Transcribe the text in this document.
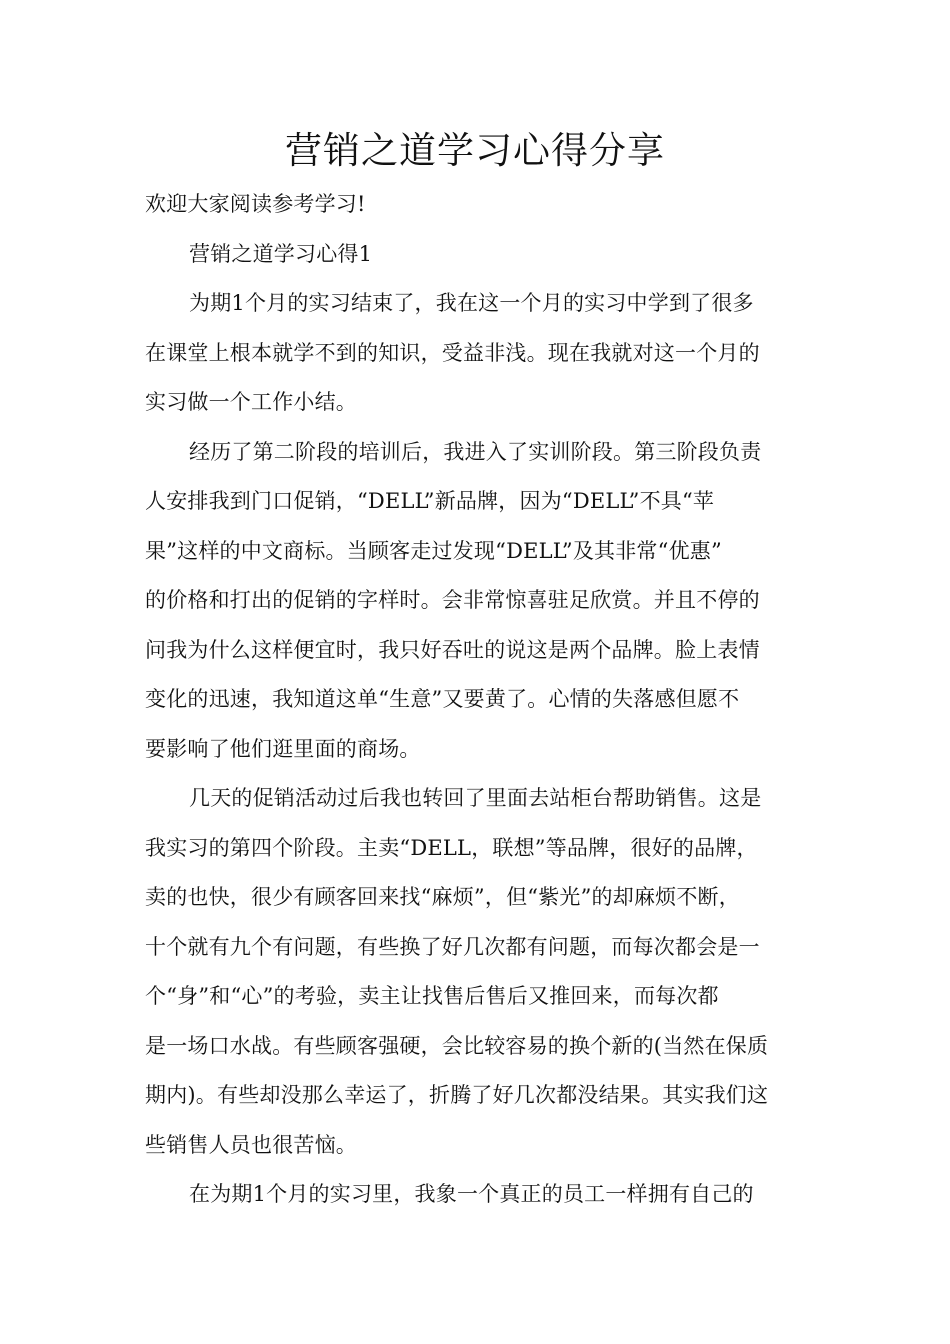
营销之道学习心得分享
欢迎大家阅读参考学习!
营销之道学习心得1
为期1个月的实习结束了，我在这一个月的实习中学到了很多
在课堂上根本就学不到的知识，受益非浅。现在我就对这一个月的
实习做一个工作小结。
经历了第二阶段的培训后，我进入了实训阶段。第三阶段负责
人安排我到门口促销，“DELL”新品牌，因为“DELL”不具“苹
果”这样的中文商标。当顾客走过发现“DELL”及其非常“优惠”
的价格和打出的促销的字样时。会非常惊喜驻足欣赏。并且不停的
问我为什么这样便宜时，我只好吞吐的说这是两个品牌。脸上表情
变化的迅速，我知道这单“生意”又要黄了。心情的失落感但愿不
要影响了他们逛里面的商场。
几天的促销活动过后我也转回了里面去站柜台帮助销售。这是
我实习的第四个阶段。主卖“DELL，联想”等品牌，很好的品牌，
卖的也快，很少有顾客回来找“麻烦”，但“紫光”的却麻烦不断，
十个就有九个有问题，有些换了好几次都有问题，而每次都会是一
个“身”和“心”的考验，卖主让找售后售后又推回来，而每次都
是一场口水战。有些顾客强硬，会比较容易的换个新的(当然在保质
期内)。有些却没那么幸运了，折腾了好几次都没结果。其实我们这
些销售人员也很苦恼。
在为期1个月的实习里，我象一个真正的员工一样拥有自己的
